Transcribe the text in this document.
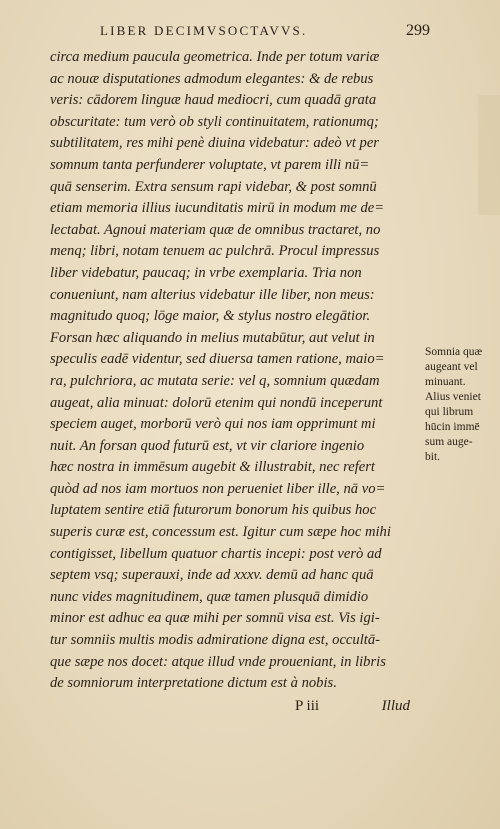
LIBER DECIMVSOCTAVVS.	299
circa medium paucula geometrica. Inde per totum variæ
ac nouæ disputationes admodum elegantes: & de rebus
veris: cādorem linguæ haud mediocri, cum quadā grata
obscuritate: tum verò ob styli continuitatem, rationumq;
subtilitatem, res mihi penè diuina videbatur: adeò vt per
somnum tanta perfunderer voluptate, vt parem illi nū=
quā senserim. Extra sensum rapi videbar, & post somnū
etiam memoria illius iucunditatis mirū in modum me de=
lectabat. Agnoui materiam quæ de omnibus tractaret, no
menq; libri, notam tenuem ac pulchrā. Procul impressus
liber videbatur, paucaq; in vrbe exemplaria. Tria non
conueniunt, nam alterius videbatur ille liber, non meus:
magnitudo quoq; lōge maior, & stylus nostro elegātior.
Forsan hæc aliquando in melius mutabūtur, aut velut in
speculis eadē videntur, sed diuersa tamen ratione, maio=
ra, pulchriora, ac mutata serie: vel q, somnium quædam
augeat, alia minuat: dolorū etenim qui nondū inceperunt
speciem auget, morborū verò qui nos iam opprimunt mi
nuit. An forsan quod futurū est, vt vir clariore ingenio
hæc nostra in immēsum augebit & illustrabit, nec refert
quòd ad nos iam mortuos non perueniet liber ille, nā vo=
luptatem sentire etiā futurorum bonorum his quibus hoc
superis curæ est, concessum est. Igitur cum sæpe hoc mihi
contigisset, libellum quatuor chartis incepi: post verò ad
septem vsq; superauxi, inde ad xxxv. demū ad hanc quā
nunc vides magnitudinem, quæ tamen plusquā dimidio
minor est adhuc ea quæ mihi per somnū visa est. Vis igi-
tur somniis multis modis admiratione digna est, occultā-
que sæpe nos docet: atque illud vnde proueniant, in libris
de somniorum interpretatione dictum est à nobis.
Somnia quæ
augeant vel
minuant.
Alius veniet
qui librum
hūcin immē
sum auge-
bit.
P iii	Illud
